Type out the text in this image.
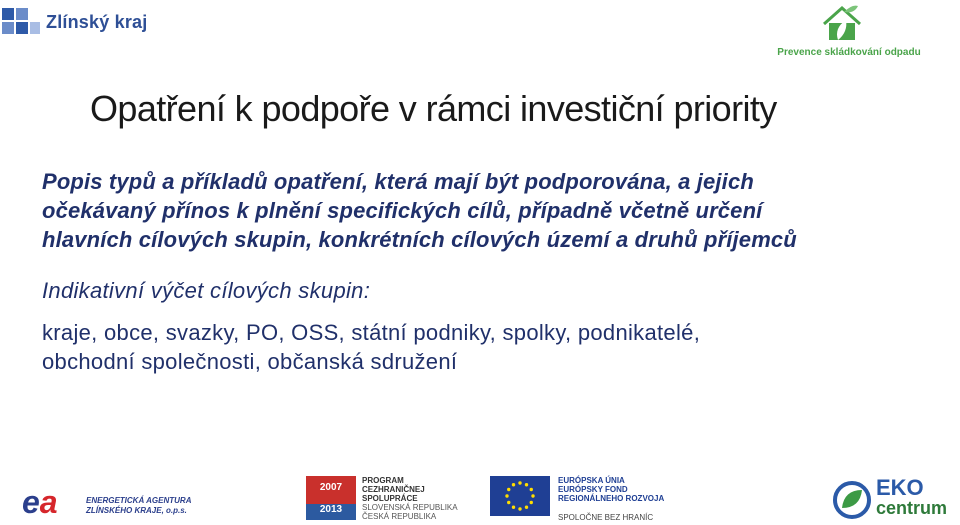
Zlínský kraj
Prevence skládkování odpadu
Opatření k podpoře v rámci investiční priority
Popis typů a příkladů opatření, která mají být podporována, a jejich
očekávaný přínos k plnění specifických cílů, případně včetně určení
hlavních cílových skupin, konkrétních cílových území a druhů příjemců
Indikativní výčet cílových skupin:
kraje, obce, svazky, PO, OSS, státní podniky, spolky, podnikatelé,
obchodní společnosti, občanská sdružení
ea	ENERGETICKÁ AGENTURA
ZLÍNSKÉHO KRAJE, o.p.s.
2007
2013
PROGRAM
CEZHRANIČNEJ
SPOLUPRÁCE
SLOVENSKÁ REPUBLIKA
ČESKÁ REPUBLIKA
EURÓPSKA ÚNIA
EURÓPSKY FOND
REGIONÁLNEHO ROZVOJA
SPOLOČNE BEZ HRANÍC
EKO
centrum
